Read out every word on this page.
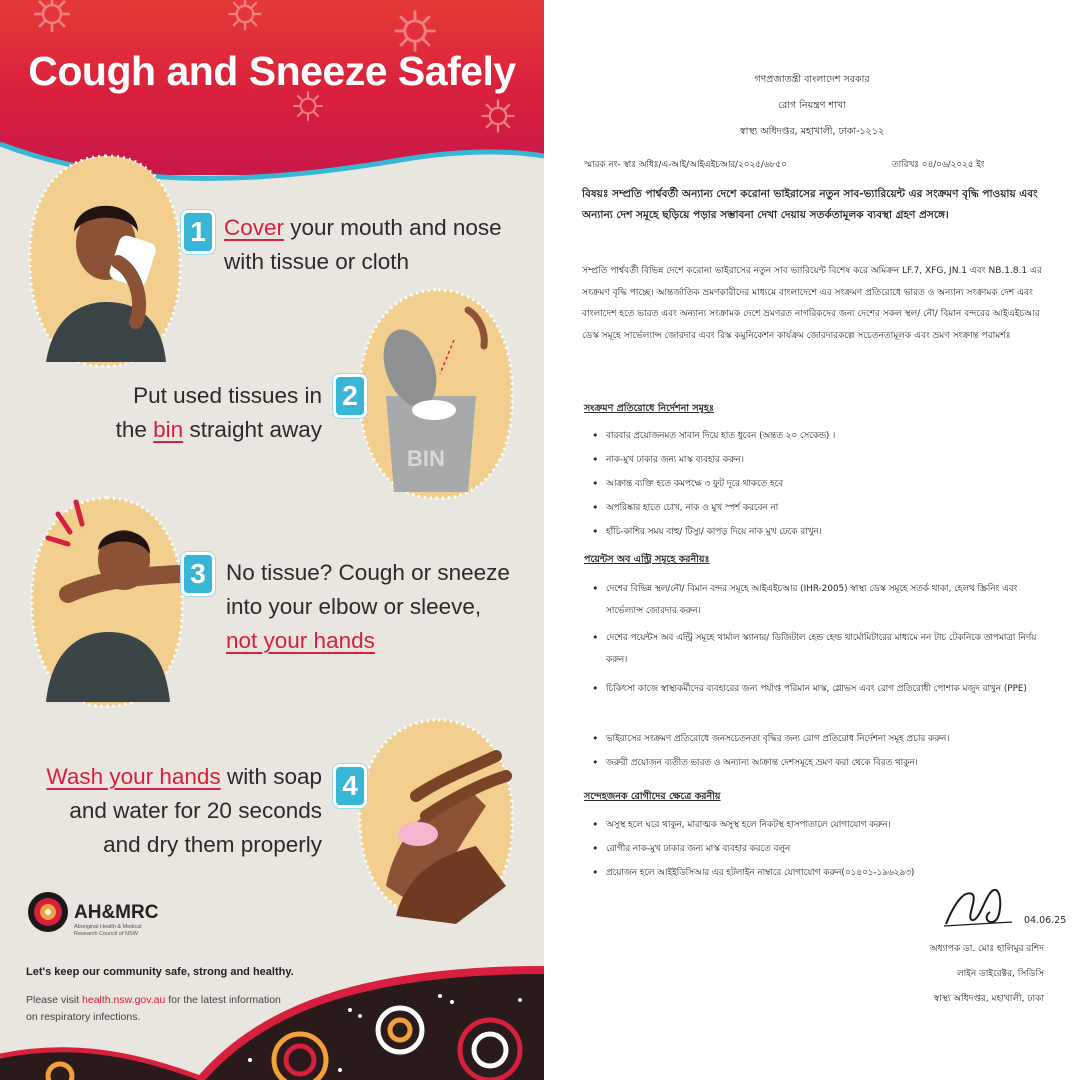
Cough and Sneeze Safely
1 Cover your mouth and nose
with tissue or cloth
BIN
2
Put used tissues in
the bin straight away
3 No tissue? Cough or sneeze
into your elbow or sleeve,
not your hands
4
Wash your hands with soap
and water for 20 seconds
and dry them properly
AH&MRC
Aboriginal Health & Medical Research Council of NSW
Let's keep our community safe, strong and healthy.
Please visit health.nsw.gov.au for the latest information on respiratory infections.
গণপ্রজাতন্ত্রী বাংলাদেশ সরকার
রোগ নিয়ন্ত্রণ শাখা
স্বাস্থ্য অধিদপ্তর, মহাখালী, ঢাকা-১২১২
স্মারক নং- স্বাঃ অধিঃ/এ-আই/আইএইচআর/২০২৫/৬৮৫০	তারিখঃ ০৪/০৬/২০২৫ ইং
বিষয়ঃ সম্প্রতি পার্শ্ববর্তী অন্যান্য দেশে করোনা ভাইরাসের নতুন সাব-ভ্যারিয়েন্ট এর সংক্রমণ বৃদ্ধি পাওয়ায় এবং অন্যান্য দেশ সমূহে ছড়িয়ে পড়ার সম্ভাবনা দেখা দেয়ায় সতর্কতামূলক ব্যবস্থা গ্রহণ প্রসঙ্গে।
সম্প্রতি পার্শ্ববর্তী বিভিন্ন দেশে করোনা ভাইরাসের নতুন সাব ভ্যারিয়েন্ট বিশেষ করে অমিক্রন LF.7, XFG, JN.1 এবং NB.1.8.1 এর সংক্রমণ বৃদ্ধি পাচ্ছে। আন্তর্জাতিক ভ্রমণকারীদের মাধ্যমে বাংলাদেশে এর সংক্রমণ প্রতিরোধে ভারত ও অন্যান্য সংক্রামক দেশ এবং বাংলাদেশ হতে ভারত এবং অন্যান্য সংক্রামক দেশে ভ্রমণরত নাগরিকদের জন্য দেশের সকল স্থল/ নৌ/ বিমান বন্দরের আইএইচআর ডেস্ক সমূহে সার্ভেল্যান্স জোরদার এবং রিস্ক কমুনিকেশন কার্যক্রম জোরদারকল্পে সচেতনতামূলক এবং ভ্রমণ সংক্রান্ত পরামর্শঃ
সংক্রমণ প্রতিরোধে নির্দেশনা সমূহঃ
• বারবার প্রয়োজনমত সাবান দিয়ে হাত ধুবেন (অন্তত ২০ সেকেন্ড) ।
• নাক-মুখ ঢাকার জন্য মাস্ক ব্যবহার করুন।
• আক্রান্ত ব্যক্তি হতে কমপক্ষে ৩ ফুট দূরে থাকতে হবে
• অপরিষ্কার হাতে চোখ, নাক ও মুখ স্পর্শ করবেন না
• হাঁচি-কাশির সময় বাহু/ টিস্যু/ কাপড় দিয়ে নাক মুখ ঢেকে রাখুন।
পয়েন্টস অব এন্ট্রি সমূহে করনীয়ঃ
• দেশের বিভিন্ন স্থল/নৌ/ বিমান বন্দর সমূহে আইএইচআর (IHR-2005) স্বাস্থ্য ডেস্ক সমূহে সতর্ক থাকা, হেলথ স্ক্রিনিং এবং সার্ভেল্যান্স জোরদার করুন।
• দেশের পয়েন্টস অব এন্ট্রি সমূহে থার্মাল স্ক্যানার/ ডিজিটাল হেন্ড হেল্ড থার্মোমিটারের মাধ্যমে নন টাচ টেকনিকে তাপমাত্রা নির্ণয় করুন।
• চিকিৎসা কাজে স্বাস্থ্যকর্মীদের ব্যবহারের জন্য পর্যাপ্ত পরিমান মাস্ক, গ্লোভস এবং রোগ প্রতিরোধী পোশাক মজুদ রাখুন (PPE)
• ভাইরাসের সংক্রমণ প্রতিরোধে জনসচেতনতা বৃদ্ধির জন্য রোগ প্রতিরোধ নির্দেশনা সমূহ প্রচার করুন।
• জরুরী প্রয়োজন ব্যতীত ভারত ও অন্যান্য আক্রান্ত দেশসমূহে ভ্রমণ করা থেকে বিরত থাকুন।
সন্দেহজনক রোগীদের ক্ষেত্রে করনীয়
• অসুস্থ হলে ঘরে থাকুন, মারাত্মক অসুস্থ হলে নিকটস্থ হাসপাতালে যোগাযোগ করুন।
• রোগীর নাক-মুখ ঢাকার জন্য মাস্ক ব্যবহার করতে বলুন
• প্রয়োজন হলে আইইডিসিআর এর হটলাইন নাম্বারে যোগাযোগ করুন(০১৪০১-১৯৬২৯৩)
04.06.25
অধ্যাপক ডা. মোঃ হালিমুর রশিদ
লাইন ডাইরেক্টর, সিডিসি
স্বাস্থ্য অধিদপ্তর, মহাখালী, ঢাকা
